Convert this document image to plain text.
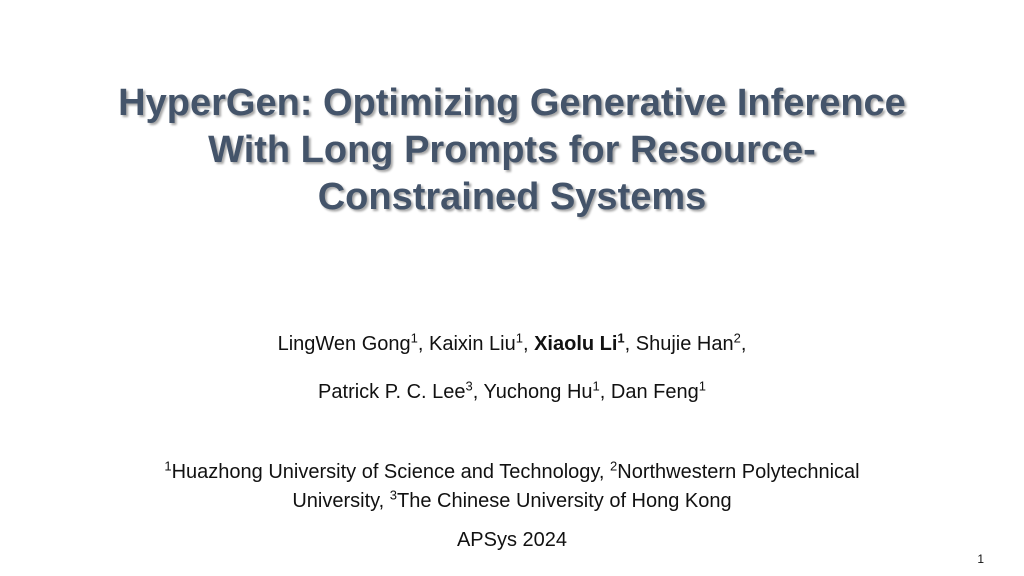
HyperGen: Optimizing Generative Inference
With Long Prompts for Resource-
Constrained Systems
LingWen Gong$^1$, Kaixin Liu$^1$, Xiaolu Li$^1$, Shujie Han$^2$,
Patrick P. C. Lee$^3$, Yuchong Hu$^1$, Dan Feng$^1$
$^1$Huazhong University of Science and Technology, $^2$Northwestern Polytechnical
University, $^3$The Chinese University of Hong Kong
APSys 2024
1
